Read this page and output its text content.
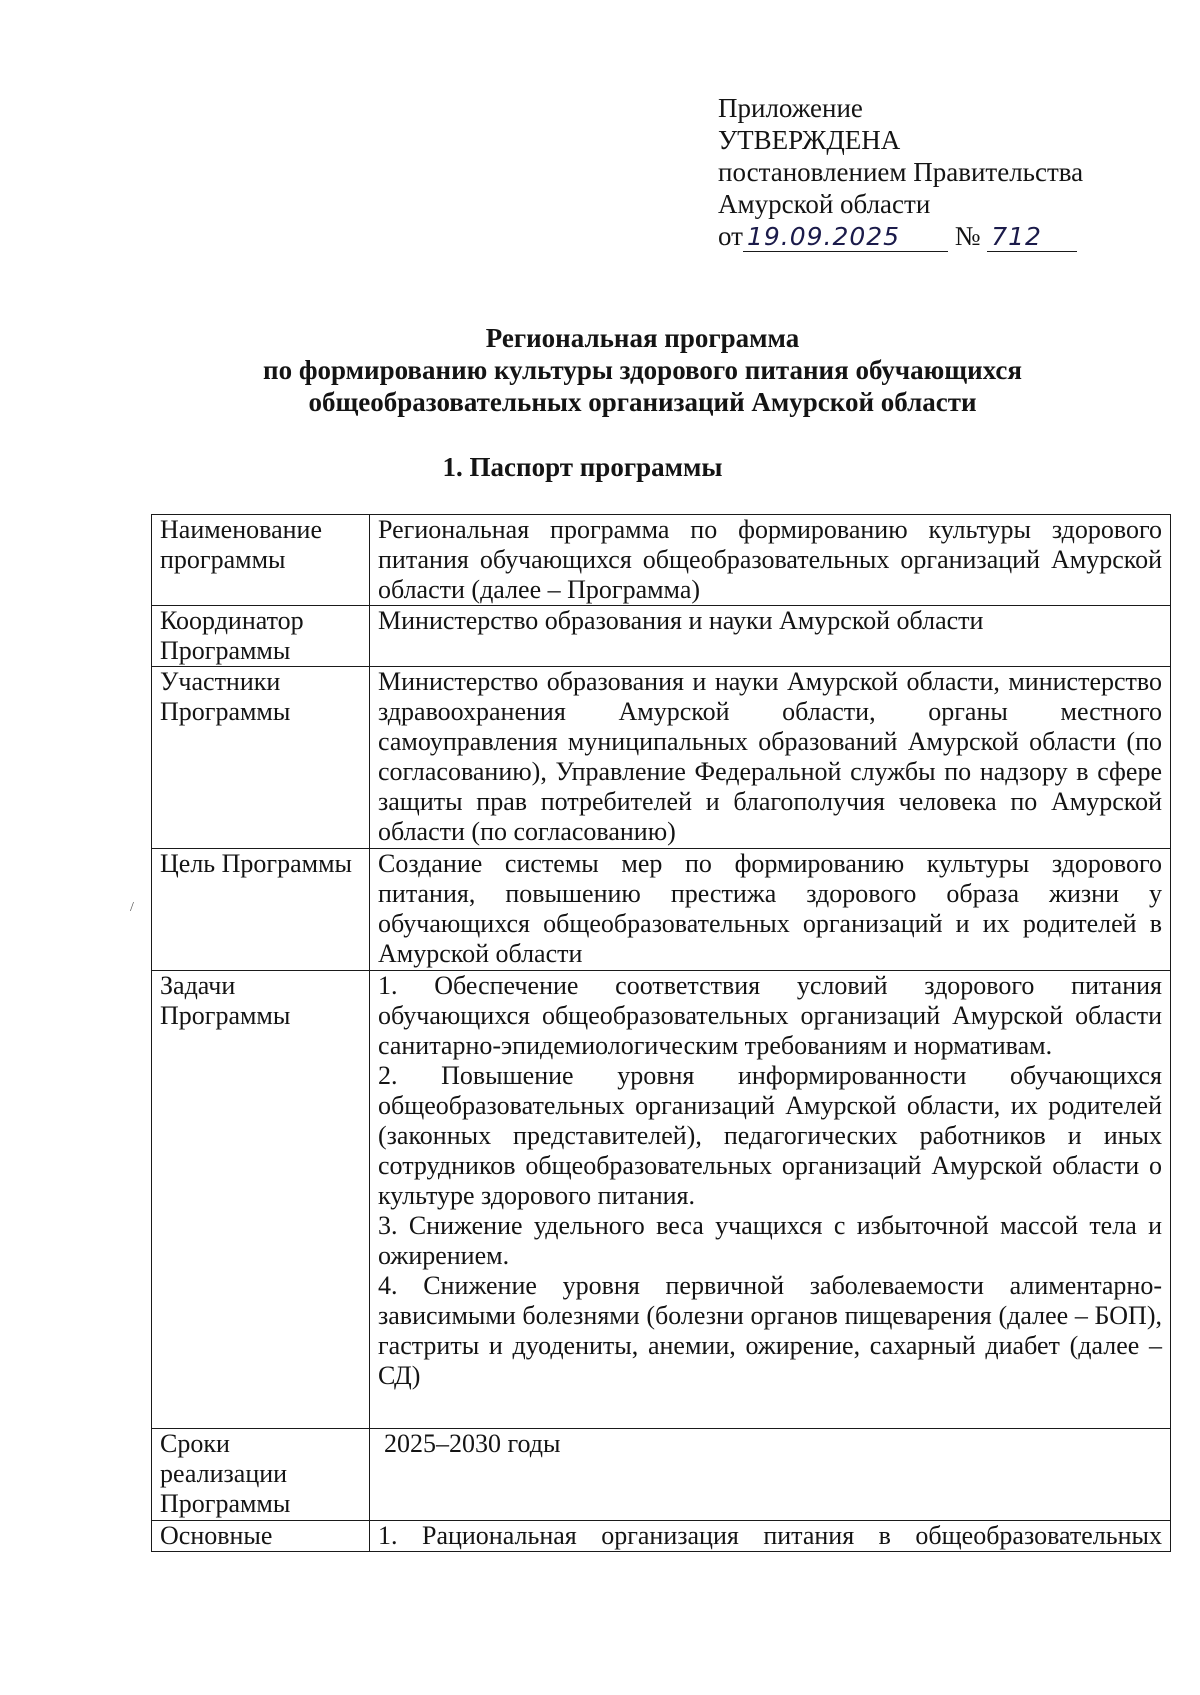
Приложение
УТВЕРЖДЕНА
постановлением Правительства
Амурской области
от 19.09.2025 № 712
Региональная программа
по формированию культуры здорового питания обучающихся
общеобразовательных организаций Амурской области
1. Паспорт программы
/
Наименование программы	Региональная программа по формированию культуры здорового питания обучающихся общеобразовательных организаций Амурской области (далее – Программа)

Координатор Программы	Министерство образования и науки Амурской области

Участники Программы	Министерство образования и науки Амурской области, министерство здравоохранения Амурской области, органы местного самоуправления муниципальных образований Амурской области (по согласованию), Управление Федеральной службы по надзору в сфере защиты прав потребителей и благополучия человека по Амурской области (по согласованию)

Цель Программы	Создание системы мер по формированию культуры здорового питания, повышению престижа здорового образа жизни у обучающихся общеобразовательных организаций и их родителей в Амурской области

Задачи Программы	1. Обеспечение соответствия условий здорового питания обучающихся общеобразовательных организаций Амурской области санитарно-эпидемиологическим требованиям и нормативам.
2. Повышение уровня информированности обучающихся общеобразовательных организаций Амурской области, их родителей (законных представителей), педагогических работников и иных сотрудников общеобразовательных организаций Амурской области о культуре здорового питания.
3. Снижение удельного веса учащихся с избыточной массой тела и ожирением.
4. Снижение уровня первичной заболеваемости алиментарно-зависимыми болезнями (болезни органов пищеварения (далее – БОП), гастриты и дуодениты, анемии, ожирение, сахарный диабет (далее – СД)

Сроки реализации Программы	2025–2030 годы

Основные	1. Рациональная организация питания в общеобразовательных
